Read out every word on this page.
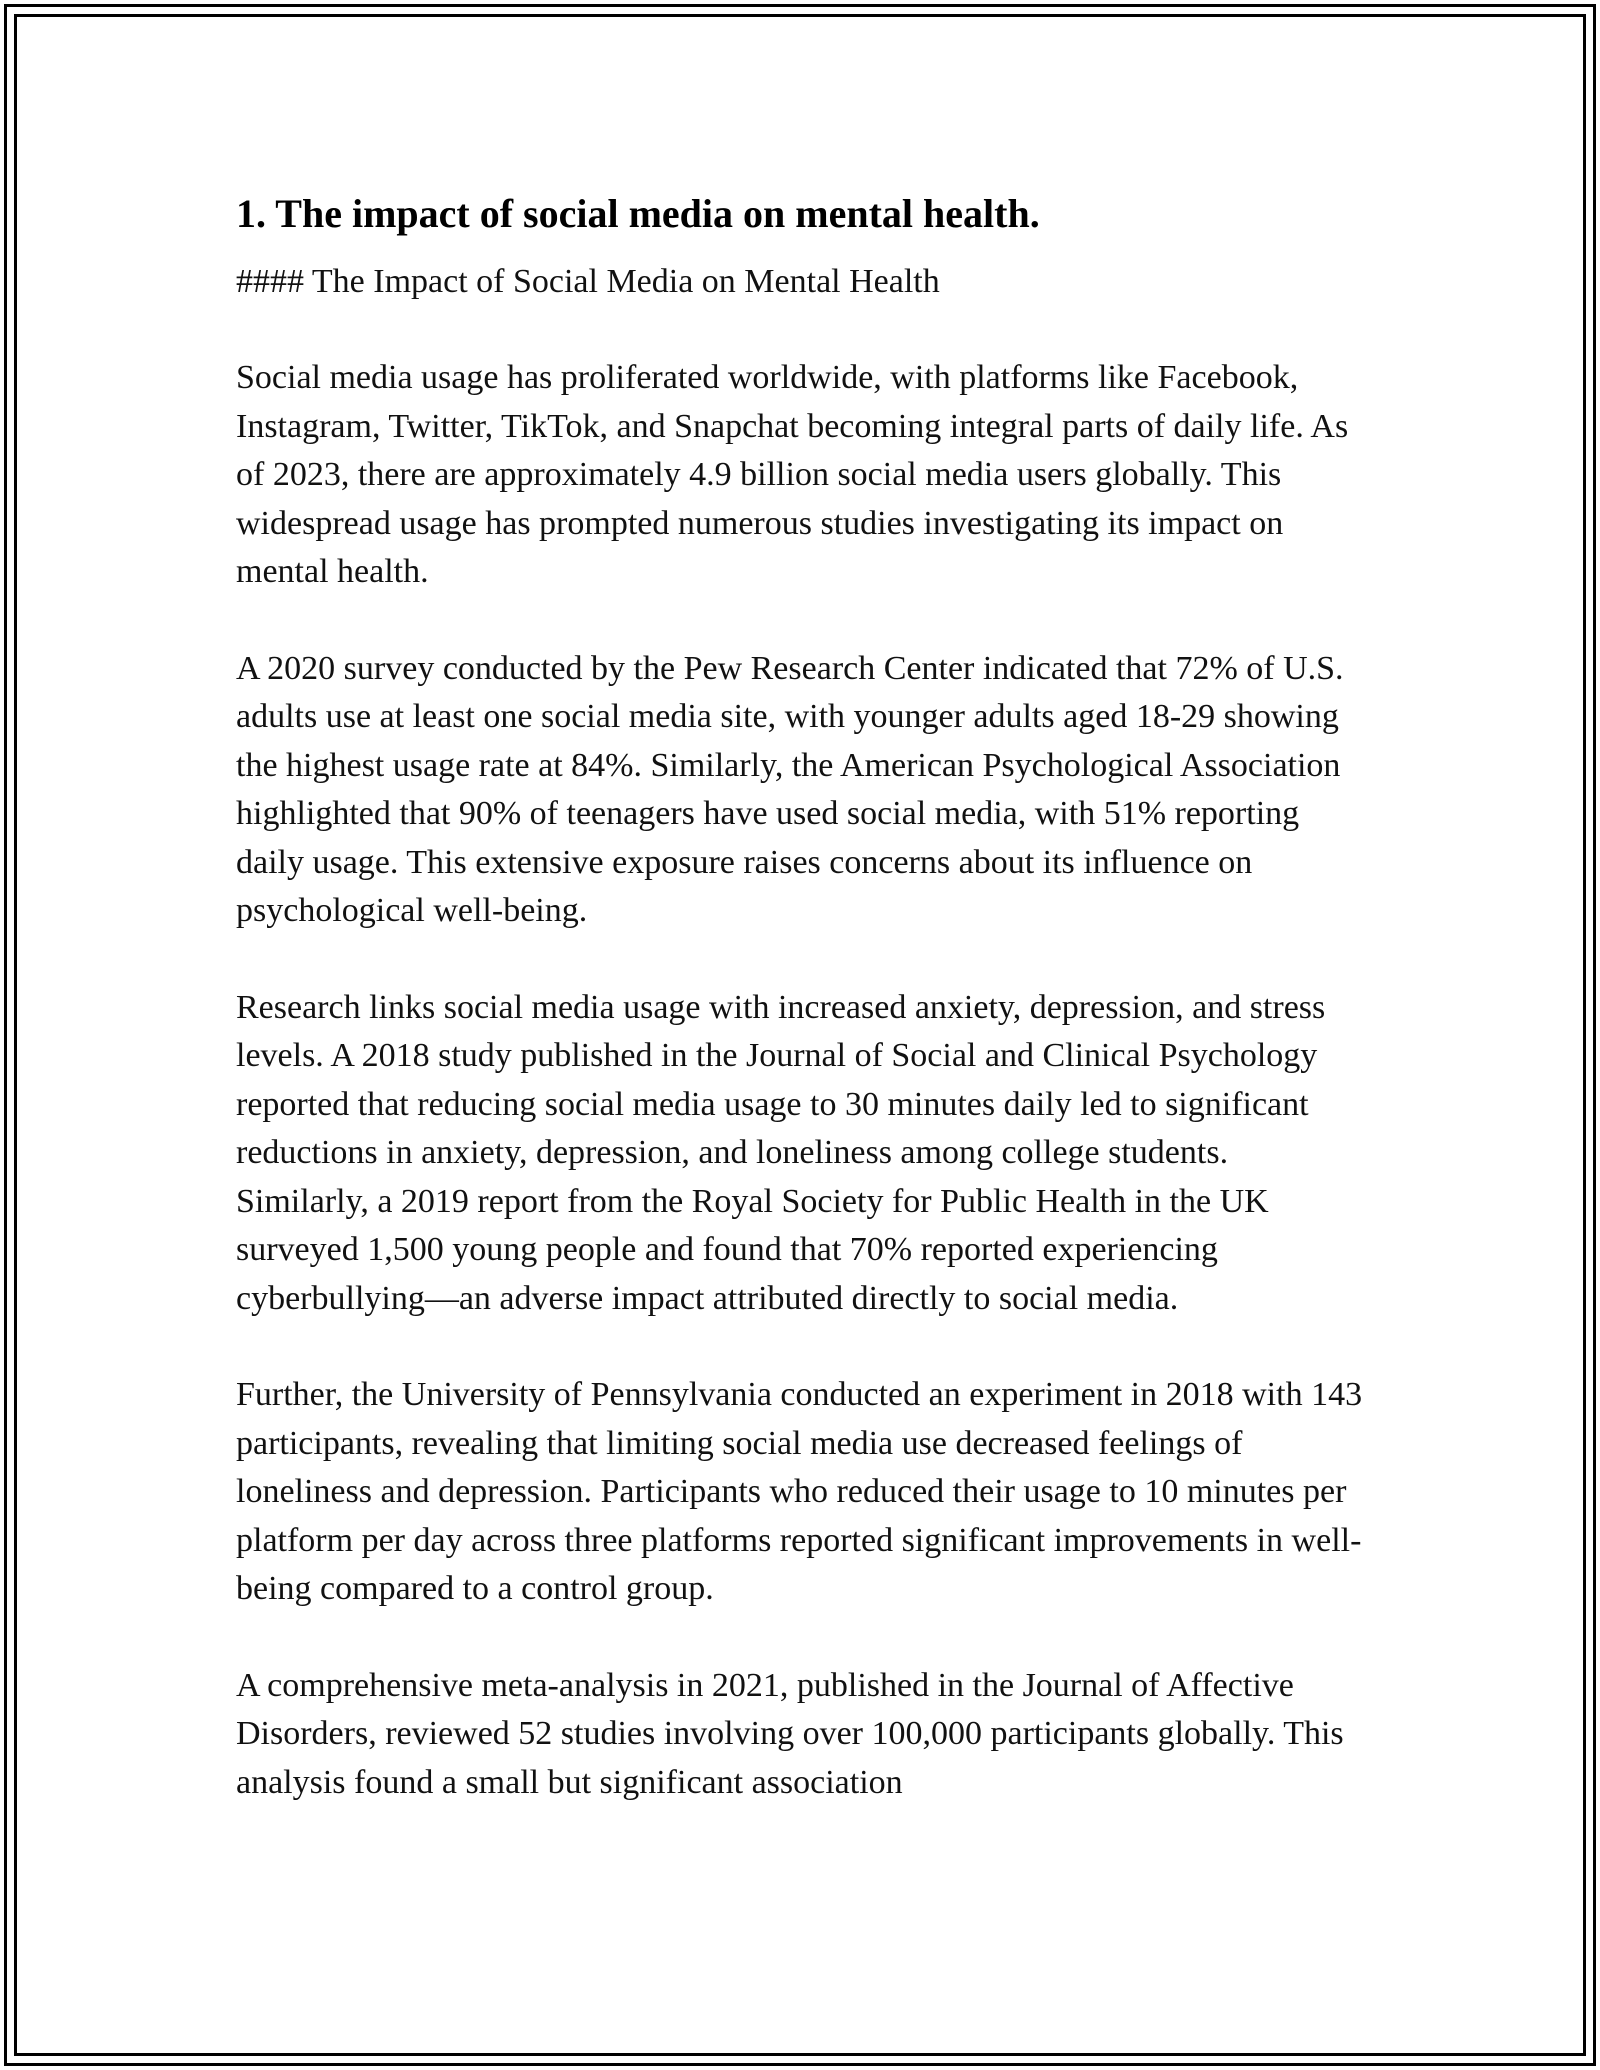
1. The impact of social media on mental health.

#### The Impact of Social Media on Mental Health

Social media usage has proliferated worldwide, with platforms like Facebook, Instagram, Twitter, TikTok, and Snapchat becoming integral parts of daily life. As of 2023, there are approximately 4.9 billion social media users globally. This widespread usage has prompted numerous studies investigating its impact on mental health.

A 2020 survey conducted by the Pew Research Center indicated that 72% of U.S. adults use at least one social media site, with younger adults aged 18-29 showing the highest usage rate at 84%. Similarly, the American Psychological Association highlighted that 90% of teenagers have used social media, with 51% reporting daily usage. This extensive exposure raises concerns about its influence on psychological well-being.

Research links social media usage with increased anxiety, depression, and stress levels. A 2018 study published in the Journal of Social and Clinical Psychology reported that reducing social media usage to 30 minutes daily led to significant reductions in anxiety, depression, and loneliness among college students. Similarly, a 2019 report from the Royal Society for Public Health in the UK surveyed 1,500 young people and found that 70% reported experiencing cyberbullying—an adverse impact attributed directly to social media.

Further, the University of Pennsylvania conducted an experiment in 2018 with 143 participants, revealing that limiting social media use decreased feelings of loneliness and depression. Participants who reduced their usage to 10 minutes per platform per day across three platforms reported significant improvements in well-being compared to a control group.

A comprehensive meta-analysis in 2021, published in the Journal of Affective Disorders, reviewed 52 studies involving over 100,000 participants globally. This analysis found a small but significant association
